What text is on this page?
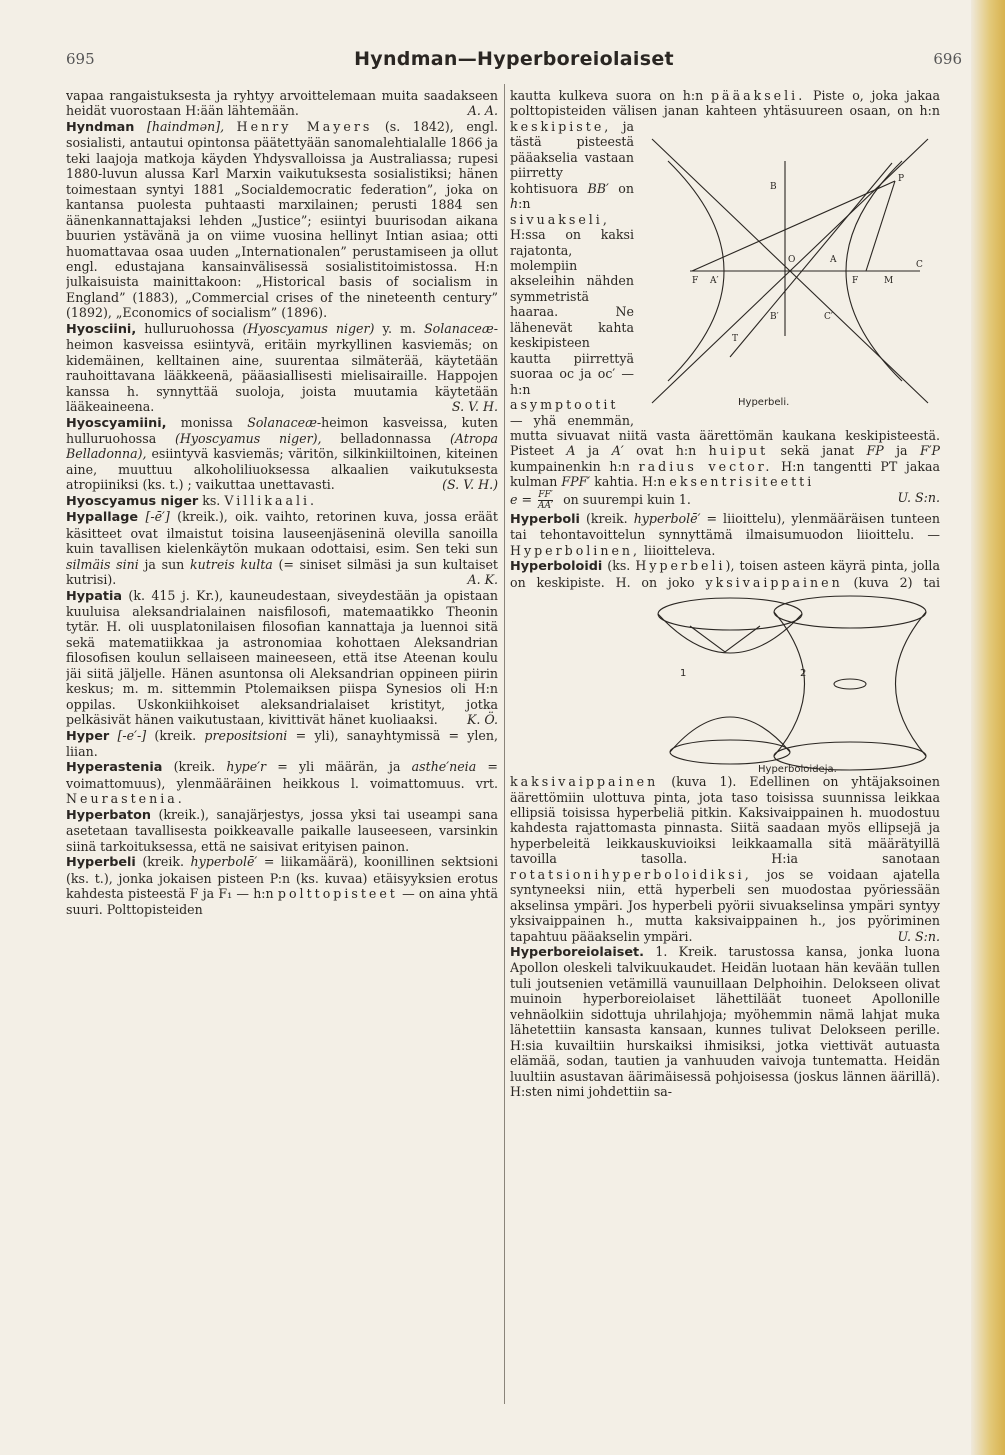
695	Hyndman—Hyperboreiolaiset	696

vapaa rangaistuksesta ja ryhtyy arvoittelemaan muita saadakseen heidät vuorostaan H:ään lähtemään.	A. A.

Hyndman [haindmən], Henry Mayers (s. 1842), engl. sosialisti, antautui opintonsa päätettyään sanomalehtialalle 1866 ja teki laajoja matkoja käyden Yhdysvalloissa ja Australiassa; rupesi 1880-luvun alussa Karl Marxin vaikutuksesta sosialistiksi; hänen toimestaan syntyi 1881 „Socialdemocratic federation”, joka on kantansa puolesta puhtaasti marxilainen; perusti 1884 sen äänenkannattajaksi lehden „Justice”; esiintyi buurisodan aikana buurien ystävänä ja on viime vuosina hellinyt Intian asiaa; otti huomattavaa osaa uuden „Internationalen” perustamiseen ja ollut engl. edustajana kansainvälisessä sosialistitoimistossa. H:n julkaisuista mainittakoon: „Historical basis of socialism in England” (1883), „Commercial crises of the nineteenth century” (1892), „Economics of socialism” (1896).

Hyosciini, hulluruohossa (Hyoscyamus niger) y. m. Solanaceæ-heimon kasveissa esiintyvä, eritäin myrkyllinen kasviemäs; on kidemäinen, kelltainen aine, suurentaa silmäterää, käytetään rauhoittavana lääkkeenä, pääasiallisesti mielisairaille. Happojen kanssa h. synnyttää suoloja, joista muutamia käytetään lääkeaineena.	S. V. H.

Hyoscyamiini, monissa Solanaceæ-heimon kasveissa, kuten hulluruohossa (Hyoscyamus niger), belladonnassa (Atropa Belladonna), esiintyvä kasviemäs; väritön, silkinkiiltoinen, kiteinen aine, muuttuu alkoholiliuoksessa alkaalien vaikutuksesta atropiiniksi (ks. t.) ; vaikuttaa unettavasti.	(S. V. H.)

Hyoscyamus niger ks. Villikaali.

Hypallage [-ē′] (kreik.), oik. vaihto, retorinen kuva, jossa eräät käsitteet ovat ilmaistut toisina lauseenjäseninä olevilla sanoilla kuin tavallisen kielenkäytön mukaan odottaisi, esim. Sen teki sun silmäis sini ja sun kutreis kulta (= siniset silmäsi ja sun kultaiset kutrisi).	A. K.

Hypatia (k. 415 j. Kr.), kauneudestaan, siveydestään ja opistaan kuuluisa aleksandrialainen naisfilosofi, matemaatikko Theonin tytär. H. oli uusplatonilaisen filosofian kannattaja ja luennoi sitä sekä matematiikkaa ja astronomiaa kohottaen Aleksandrian filosofisen koulun sellaiseen maineeseen, että itse Ateenan koulu jäi siitä jäljelle. Hänen asuntonsa oli Aleksandrian oppineen piirin keskus; m. m. sittemmin Ptolemaiksen piispa Synesios oli H:n oppilas. Uskonkiihkoiset aleksandrialaiset kristityt, jotka pelkäsivät hänen vaikutustaan, kivittivät hänet kuoliaaksi.	K. Ö.

Hyper [-e′-] (kreik. prepositsioni = yli), sanayhtymissä = ylen, liian.

Hyperastenia (kreik. hype′r = yli määrän, ja asthe′neia = voimattomuus), ylenmääräinen heikkous l. voimattomuus. vrt. Neurastenia.

Hyperbaton (kreik.), sanajärjestys, jossa yksi tai useampi sana asetetaan tavallisesta poikkeavalle paikalle lauseeseen, varsinkin siinä tarkoituksessa, että ne saisivat erityisen painon.

Hyperbeli (kreik. hyperbolē′ = liikamäärä), koonillinen sektsioni (ks. t.), jonka jokaisen pisteen P:n (ks. kuvaa) etäisyyksien erotus kahdesta pisteestä F ja F₁ — h:n polttopisteet — on aina yhtä suuri. Polttopisteiden

kautta kulkeva suora on h:n pääakseli. Piste o, joka jakaa polttopisteiden välisen janan kahteen yhtäsuureen osaan, on h:n keskipiste,
P
B
O	A
F A′	F	M
C
B′	C′
T
Hyperbeli.
ja tästä pisteestä pääakselia vastaan piirretty kohtisuora BB′ on h:n sivuakseli, H:ssa on kaksi rajatonta, molempiin akseleihin nähden symmetristä haaraa. Ne lähenevät kahta keskipisteen kautta piirrettyä suoraa oc ja oc′ — h:n asymptootit — yhä enemmän, mutta sivuavat niitä vasta äärettömän kaukana keskipisteestä. Pisteet A ja A′ ovat h:n huiput sekä janat FP ja F′P kumpainenkin h:n radius vector. H:n tangentti PT jakaa kulman FPF′ kahtia. H:n eksentrisiteetti
$e = \frac{FF'}{AA'}$ on suurempi kuin 1.	U. S:n.

Hyperboli (kreik. hyperbolē′ = liioittelu), ylenmääräisen tunteen tai tehontavoittelun synnyttämä ilmaisumuodon liioittelu. — Hyperbolinen, liioitteleva.

Hyperboloidi (ks. Hyperbeli), toisen asteen käyrä pinta, jolla on keskipiste. H. on joko
1	2
Hyperboloideja.
yksivaippainen (kuva 2) tai kaksivaippainen (kuva 1). Edellinen on yhtäjaksoinen äärettömiin ulottuva pinta, jota taso toisissa suunnissa leikkaa ellipsiä toisissa hyperbeliä pitkin. Kaksivaippainen h. muodostuu kahdesta rajattomasta pinnasta. Siitä saadaan myös ellipsejä ja hyperbeleitä leikkauskuvioiksi leikkaamalla sitä määrätyillä tavoilla tasolla. H:ia sanotaan rotatsionihyperboloidiksi, jos se voidaan ajatella syntyneeksi niin, että hyperbeli sen muodostaa pyöriessään akselinsa ympäri. Jos hyperbeli pyörii sivuakselinsa ympäri syntyy yksivaippainen h., mutta kaksivaippainen h., jos pyöriminen tapahtuu pääakselin ympäri.	U. S:n.

Hyperboreiolaiset. 1. Kreik. tarustossa kansa, jonka luona Apollon oleskeli talvikuukaudet. Heidän luotaan hän kevään tullen tuli joutsenien vetämillä vaunuillaan Delphoihin. Delokseen olivat muinoin hyperboreiolaiset lähettiläät tuoneet Apollonille vehnäolkiin sidottuja uhrilahjoja; myöhemmin nämä lahjat muka lähetettiin kansasta kansaan, kunnes tulivat Delokseen perille. H:sia kuvailtiin hurskaiksi ihmisiksi, jotka viettivät autuasta elämää, sodan, tautien ja vanhuuden vaivoja tuntematta. Heidän luultiin asustavan äärimäisessä pohjoisessa (joskus lännen äärillä). H:sten nimi johdettiin sa-
